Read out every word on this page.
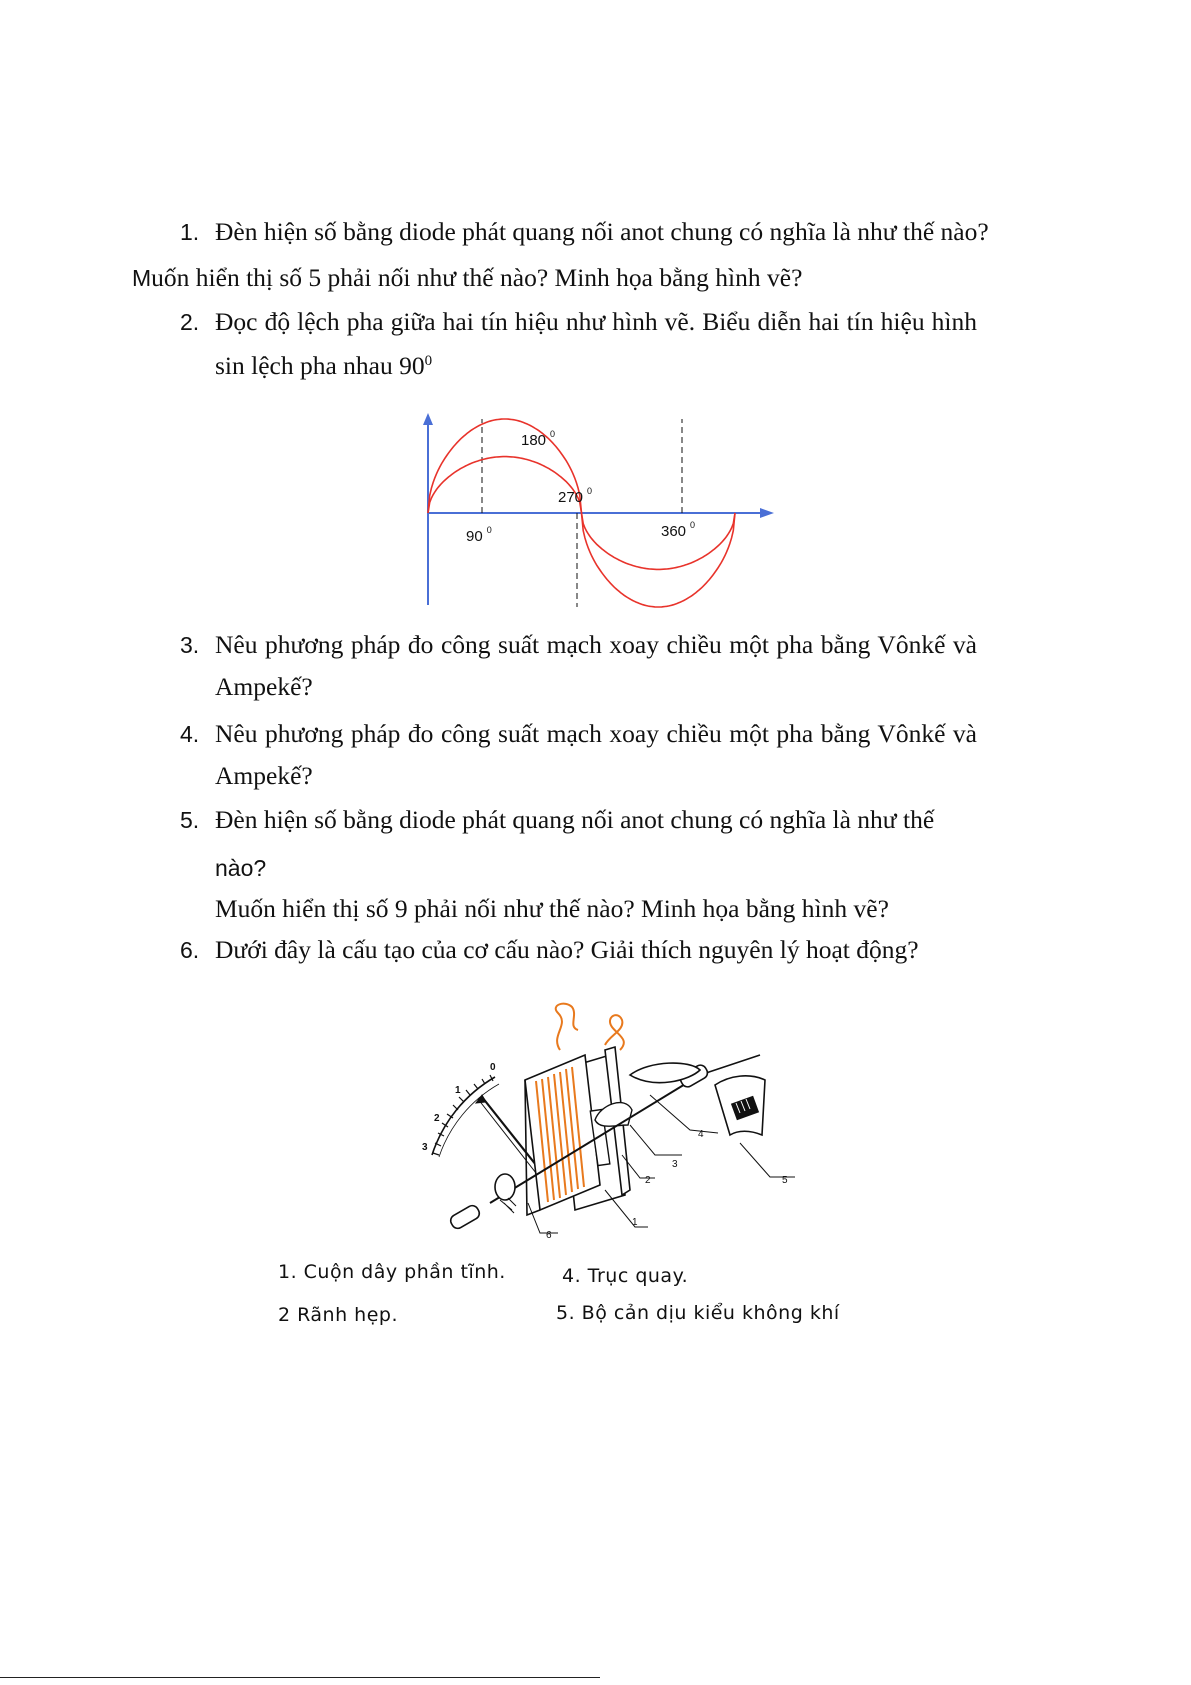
1. Đèn hiện số bằng diode phát quang nối anot chung có nghĩa là như thế nào?
Muốn hiển thị số 5 phải nối như thế nào? Minh họa bằng hình vẽ?
2. Đọc độ lệch pha giữa hai tín hiệu như hình vẽ. Biểu diễn hai tín hiệu hình
sin lệch pha nhau $90^0$
90 $^0$
180 $^0$
270 $^0$
360 $^0$
3. Nêu phương pháp đo công suất mạch xoay chiều một pha bằng Vônkế và
Ampekế?
4. Nêu phương pháp đo công suất mạch xoay chiều một pha bằng Vônkế và
Ampekế?
5. Đèn hiện số bằng diode phát quang nối anot chung có nghĩa là như thế
nào?
Muốn hiển thị số 9 phải nối như thế nào? Minh họa bằng hình vẽ?
6. Dưới đây là cấu tạo của cơ cấu nào? Giải thích nguyên lý hoạt động?
0
1
2
3
1
2
3
4
5
6
1. Cuộn dây phần tĩnh.	4. Trục quay.
2 Rãnh hẹp.	5. Bộ cản dịu kiểu không khí
